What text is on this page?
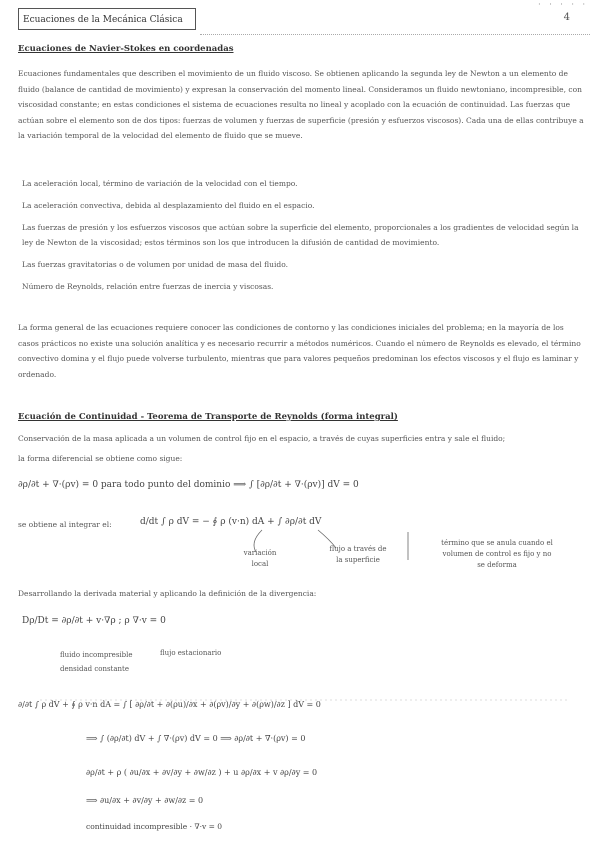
· · · · ·
Ecuaciones de la Mecánica Clásica	4
Ecuaciones de Navier-Stokes en coordenadas
Ecuaciones fundamentales que describen el movimiento de un fluido viscoso. Se obtienen aplicando la segunda ley de Newton a un elemento de fluido (balance de cantidad de movimiento) y expresan la conservación del momento lineal. Consideramos un fluido newtoniano, incompresible, con viscosidad constante; en estas condiciones el sistema de ecuaciones resulta no lineal y acoplado con la ecuación de continuidad. Las fuerzas que actúan sobre el elemento son de dos tipos: fuerzas de volumen y fuerzas de superficie (presión y esfuerzos viscosos). Cada una de ellas contribuye a la variación temporal de la velocidad del elemento de fluido que se mueve.
La aceleración local, término de variación de la velocidad con el tiempo.
La aceleración convectiva, debida al desplazamiento del fluido en el espacio.
Las fuerzas de presión y los esfuerzos viscosos que actúan sobre la superficie del elemento, proporcionales a los gradientes de velocidad según la ley de Newton de la viscosidad; estos términos son los que introducen la difusión de cantidad de movimiento.
Las fuerzas gravitatorias o de volumen por unidad de masa del fluido.
Número de Reynolds, relación entre fuerzas de inercia y viscosas.
La forma general de las ecuaciones requiere conocer las condiciones de contorno y las condiciones iniciales del problema; en la mayoría de los casos prácticos no existe una solución analítica y es necesario recurrir a métodos numéricos. Cuando el número de Reynolds es elevado, el término convectivo domina y el flujo puede volverse turbulento, mientras que para valores pequeños predominan los efectos viscosos y el flujo es laminar y ordenado.
Ecuación de Continuidad - Teorema de Transporte de Reynolds (forma integral)
Conservación de la masa aplicada a un volumen de control fijo en el espacio, a través de cuyas superficies entra y sale el fluido;
la forma diferencial se obtiene como sigue:
∂ρ/∂t + ∇·(ρv) = 0 para todo punto del dominio ⟹ ∫ [∂ρ/∂t + ∇·(ρv)] dV = 0
se obtiene al integrar el:	d/dt ∫ ρ dV = − ∮ ρ (v·n) dA + ∫ ∂ρ/∂t dV
variación
local
flujo a través de
la superficie
término que se anula cuando el
volumen de control es fijo y no
se deforma
Desarrollando la derivada material y aplicando la definición de la divergencia:
Dρ/Dt = ∂ρ/∂t + v·∇ρ ; ρ ∇·v = 0
fluido incompresible
densidad constante
flujo estacionario
∂/∂t ∫ ρ dV + ∮ ρ v·n dA = ∫ [ ∂ρ/∂t + ∂(ρu)/∂x + ∂(ρv)/∂y + ∂(ρw)/∂z ] dV = 0
⟹ ∫ (∂ρ/∂t) dV + ∫ ∇·(ρv) dV = 0 ⟹ ∂ρ/∂t + ∇·(ρv) = 0
∂ρ/∂t + ρ ( ∂u/∂x + ∂v/∂y + ∂w/∂z ) + u ∂ρ/∂x + v ∂ρ/∂y = 0
⟹ ∂u/∂x + ∂v/∂y + ∂w/∂z = 0
continuidad incompresible · ∇·v = 0
